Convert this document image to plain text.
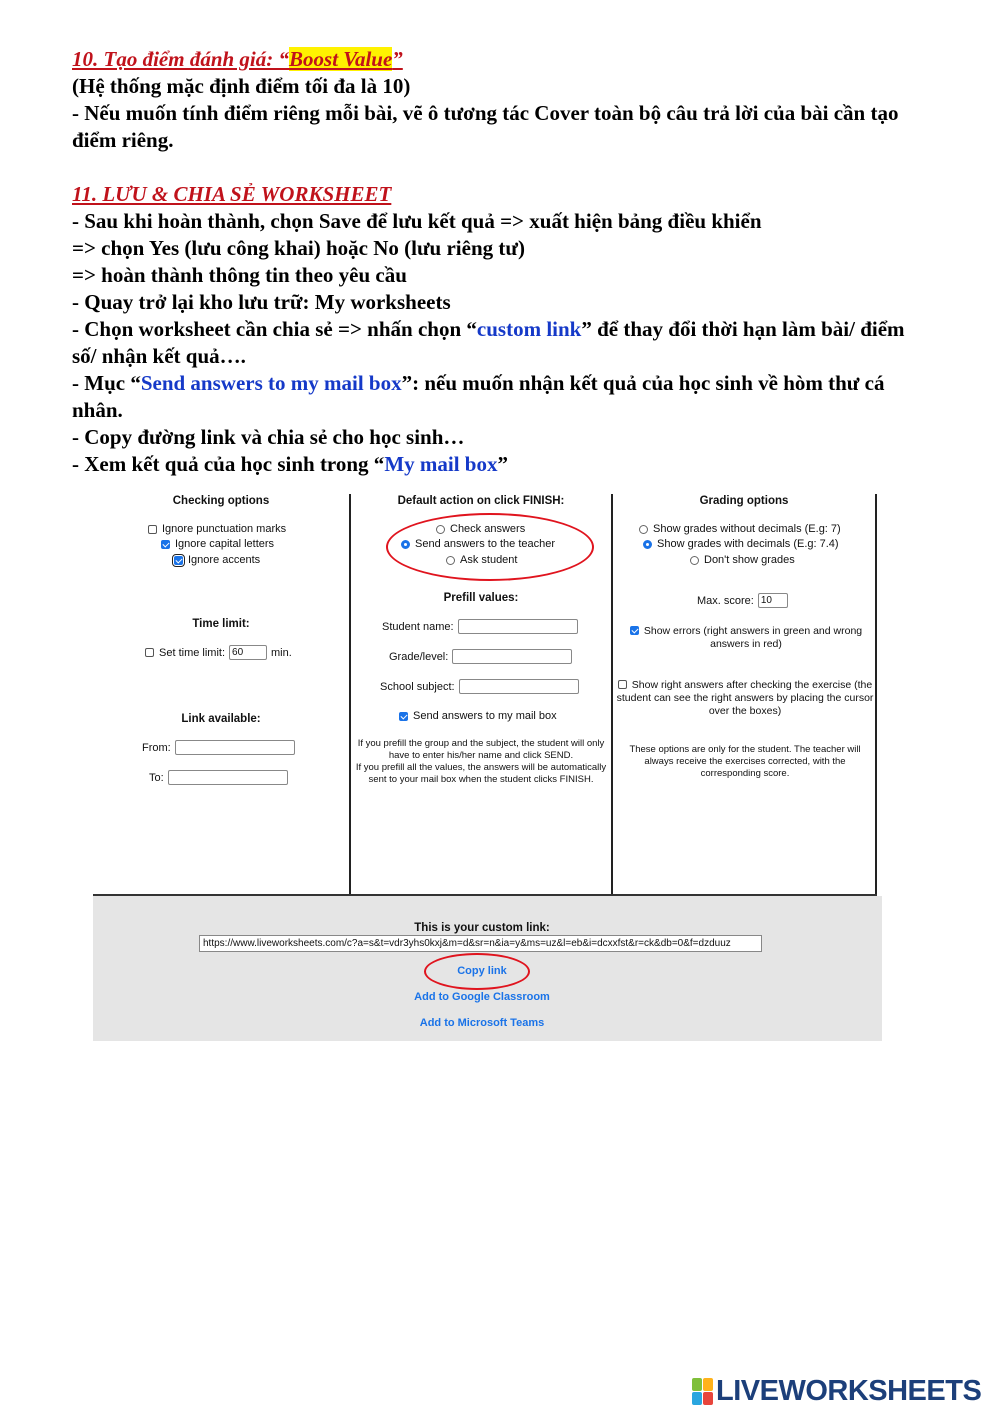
10. Tạo điểm đánh giá: “Boost Value”

(Hệ thống mặc định điểm tối đa là 10)

- Nếu muốn tính điểm riêng mỗi bài, vẽ ô tương tác Cover toàn bộ câu trả lời của bài cần tạo điểm riêng.

11. LƯU & CHIA SẺ WORKSHEET

- Sau khi hoàn thành, chọn Save để lưu kết quả => xuất hiện bảng điều khiển

=> chọn Yes (lưu công khai) hoặc No (lưu riêng tư)

=> hoàn thành thông tin theo yêu cầu

- Quay trở lại kho lưu trữ: My worksheets

- Chọn worksheet cần chia sẻ => nhấn chọn “custom link” để thay đổi thời hạn làm bài/ điểm số/ nhận kết quả….

- Mục “Send answers to my mail box”: nếu muốn nhận kết quả của học sinh về hòm thư cá nhân.

- Copy đường link và chia sẻ cho học sinh…

- Xem kết quả của học sinh trong “My mail box”

Checking options
Ignore punctuation marks
Ignore capital letters
Ignore accents
Time limit:
Set time limit: 60	min.
Link available:
From:
To:
Default action on click FINISH:
Check answers
Send answers to the teacher
Ask student
Prefill values:
Student name:
Grade/level:
School subject:
Send answers to my mail box
If you prefill the group and the subject, the student will only have to enter his/her name and click SEND.
If you prefill all the values, the answers will be automatically sent to your mail box when the student clicks FINISH.
Grading options
Show grades without decimals (E.g: 7)
Show grades with decimals (E.g: 7.4)
Don't show grades
Max. score: 10
Show errors (right answers in green and wrong answers in red)
Show right answers after checking the exercise (the student can see the right answers by placing the cursor over the boxes)
These options are only for the student. The teacher will always receive the exercises corrected, with the corresponding score.
This is your custom link:
https://www.liveworksheets.com/c?a=s&t=vdr3yhs0kxj&m=d&sr=n&ia=y&ms=uz&l=eb&i=dcxxfst&r=ck&db=0&f=dzduuz
Copy link
Add to Google Classroom
Add to Microsoft Teams
LIVEWORKSHEETS
